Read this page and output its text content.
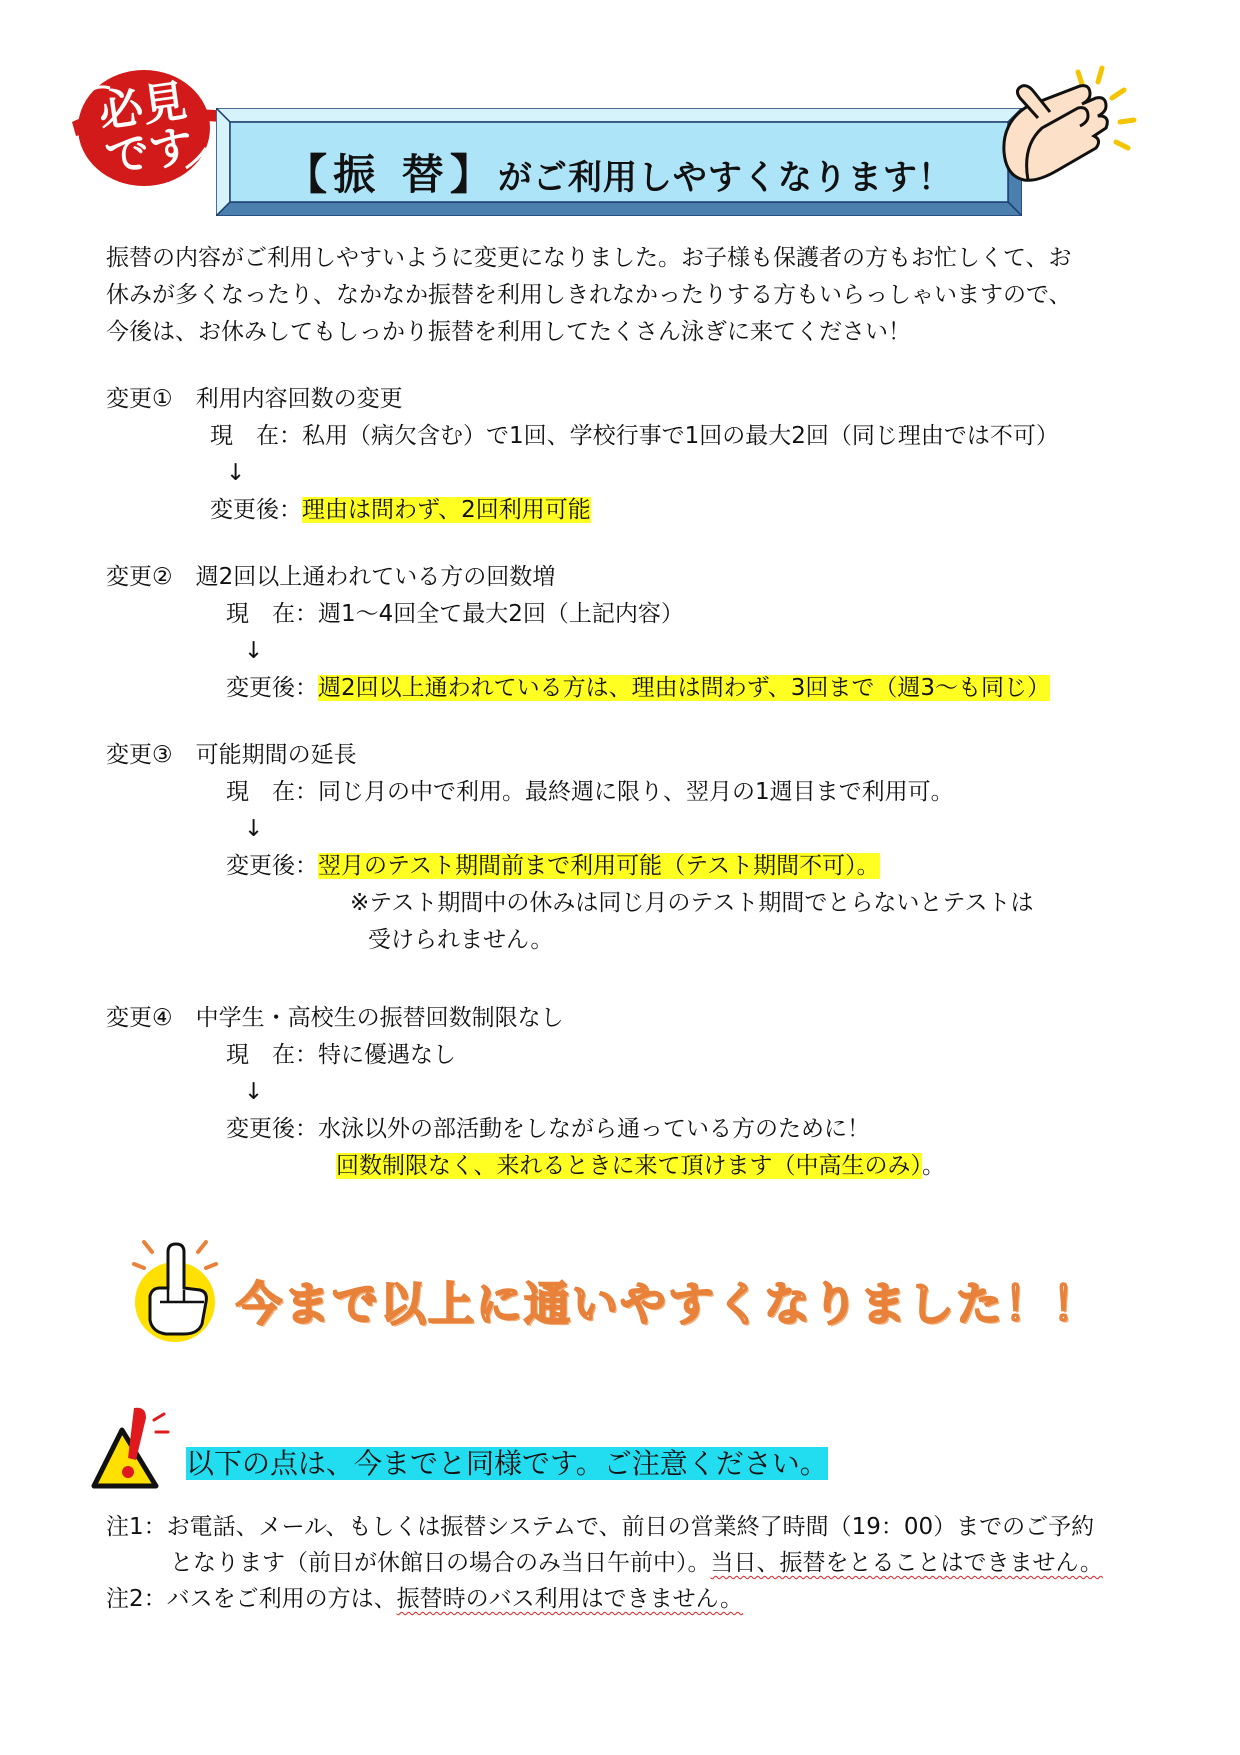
必見
です	【振 替】がご利用しやすくなります！
振替の内容がご利用しやすいように変更になりました。お子様も保護者の方もお忙しくて、お
休みが多くなったり、なかなか振替を利用しきれなかったりする方もいらっしゃいますので、
今後は、お休みしてもしっかり振替を利用してたくさん泳ぎに来てください！
変更①　利用内容回数の変更
現　在：私用（病欠含む）で1回、学校行事で1回の最大2回（同じ理由では不可）
↓
変更後：理由は問わず、2回利用可能
変更②　週2回以上通われている方の回数増
現　在：週1～4回全て最大2回（上記内容）
↓
変更後：週2回以上通われている方は、理由は問わず、3回まで（週3～も同じ）
変更③　可能期間の延長
現　在：同じ月の中で利用。最終週に限り、翌月の1週目まで利用可。
↓
変更後：翌月のテスト期間前まで利用可能（テスト期間不可）。
※テスト期間中の休みは同じ月のテスト期間でとらないとテストは
受けられません。
変更④　中学生・高校生の振替回数制限なし
現　在：特に優遇なし
↓
変更後：水泳以外の部活動をしながら通っている方のために！
回数制限なく、来れるときに来て頂けます（中高生のみ）。
今まで以上に通いやすくなりました！！
以下の点は、今までと同様です。ご注意ください。
注1：お電話、メール、もしくは振替システムで、前日の営業終了時間（19：00）までのご予約
となります（前日が休館日の場合のみ当日午前中）。当日、振替をとることはできません。
注2：バスをご利用の方は、振替時のバス利用はできません。
